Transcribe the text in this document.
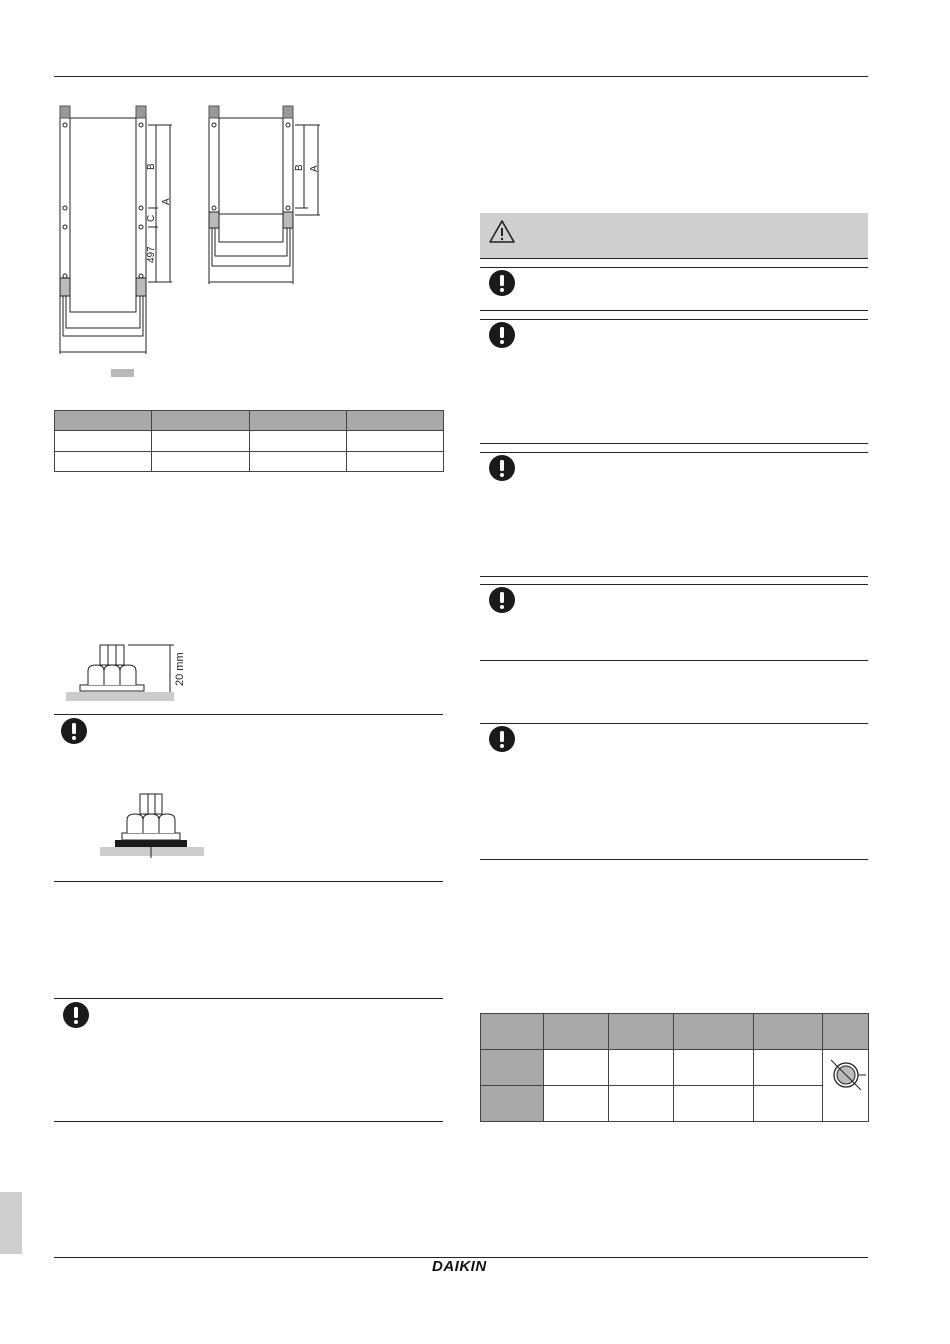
B
A
C
497
B A

20 mm

DAIKIN
